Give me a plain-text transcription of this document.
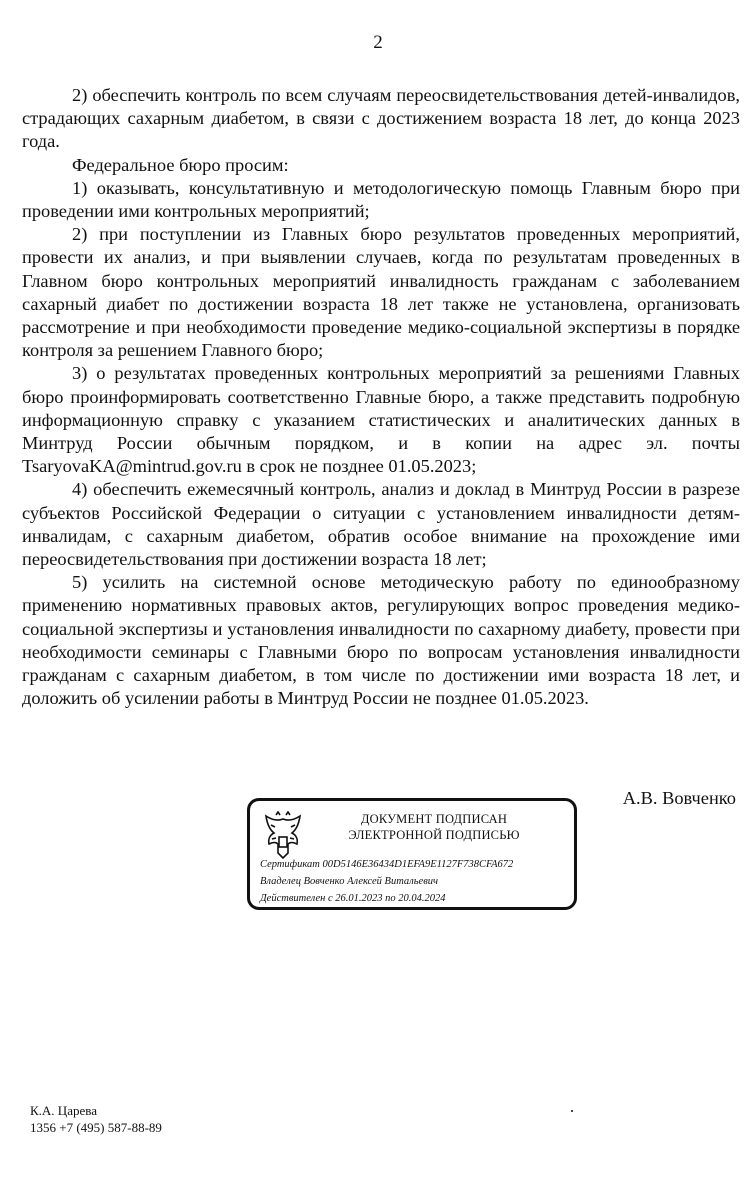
2

2) обеспечить контроль по всем случаям переосвидетельствования детей-инвалидов, страдающих сахарным диабетом, в связи с достижением возраста 18 лет, до конца 2023 года.

Федеральное бюро просим:

1) оказывать, консультативную и методологическую помощь Главным бюро при проведении ими контрольных мероприятий;

2) при поступлении из Главных бюро результатов проведенных мероприятий, провести их анализ, и при выявлении случаев, когда по результатам проведенных в Главном бюро контрольных мероприятий инвалидность гражданам с заболеванием сахарный диабет по достижении возраста 18 лет также не установлена, организовать рассмотрение и при необходимости проведение медико-социальной экспертизы в порядке контроля за решением Главного бюро;

3) о результатах проведенных контрольных мероприятий за решениями Главных бюро проинформировать соответственно Главные бюро, а также представить подробную информационную справку с указанием статистических и аналитических данных в Минтруд России обычным порядком, и в копии на адрес эл. почты TsaryovaKA@mintrud.gov.ru в срок не позднее 01.05.2023;

4) обеспечить ежемесячный контроль, анализ и доклад в Минтруд России в разрезе субъектов Российской Федерации о ситуации с установлением инвалидности детям-инвалидам, с сахарным диабетом, обратив особое внимание на прохождение ими переосвидетельствования при достижении возраста 18 лет;

5) усилить на системной основе методическую работу по единообразному применению нормативных правовых актов, регулирующих вопрос проведения медико-социальной экспертизы и установления инвалидности по сахарному диабету, провести при необходимости семинары с Главными бюро по вопросам установления инвалидности гражданам с сахарным диабетом, в том числе по достижении ими возраста 18 лет, и доложить об усилении работы в Минтруд России не позднее 01.05.2023.

А.В. Вовченко
ДОКУМЕНТ ПОДПИСАН
ЭЛЕКТРОННОЙ ПОДПИСЬЮ
Сертификат 00D5146E36434D1EFA9E1127F738CFA672
Владелец Вовченко Алексей Витальевич
Действителен с 26.01.2023 по 20.04.2024
К.А. Царева
1356 +7 (495) 587-88-89
